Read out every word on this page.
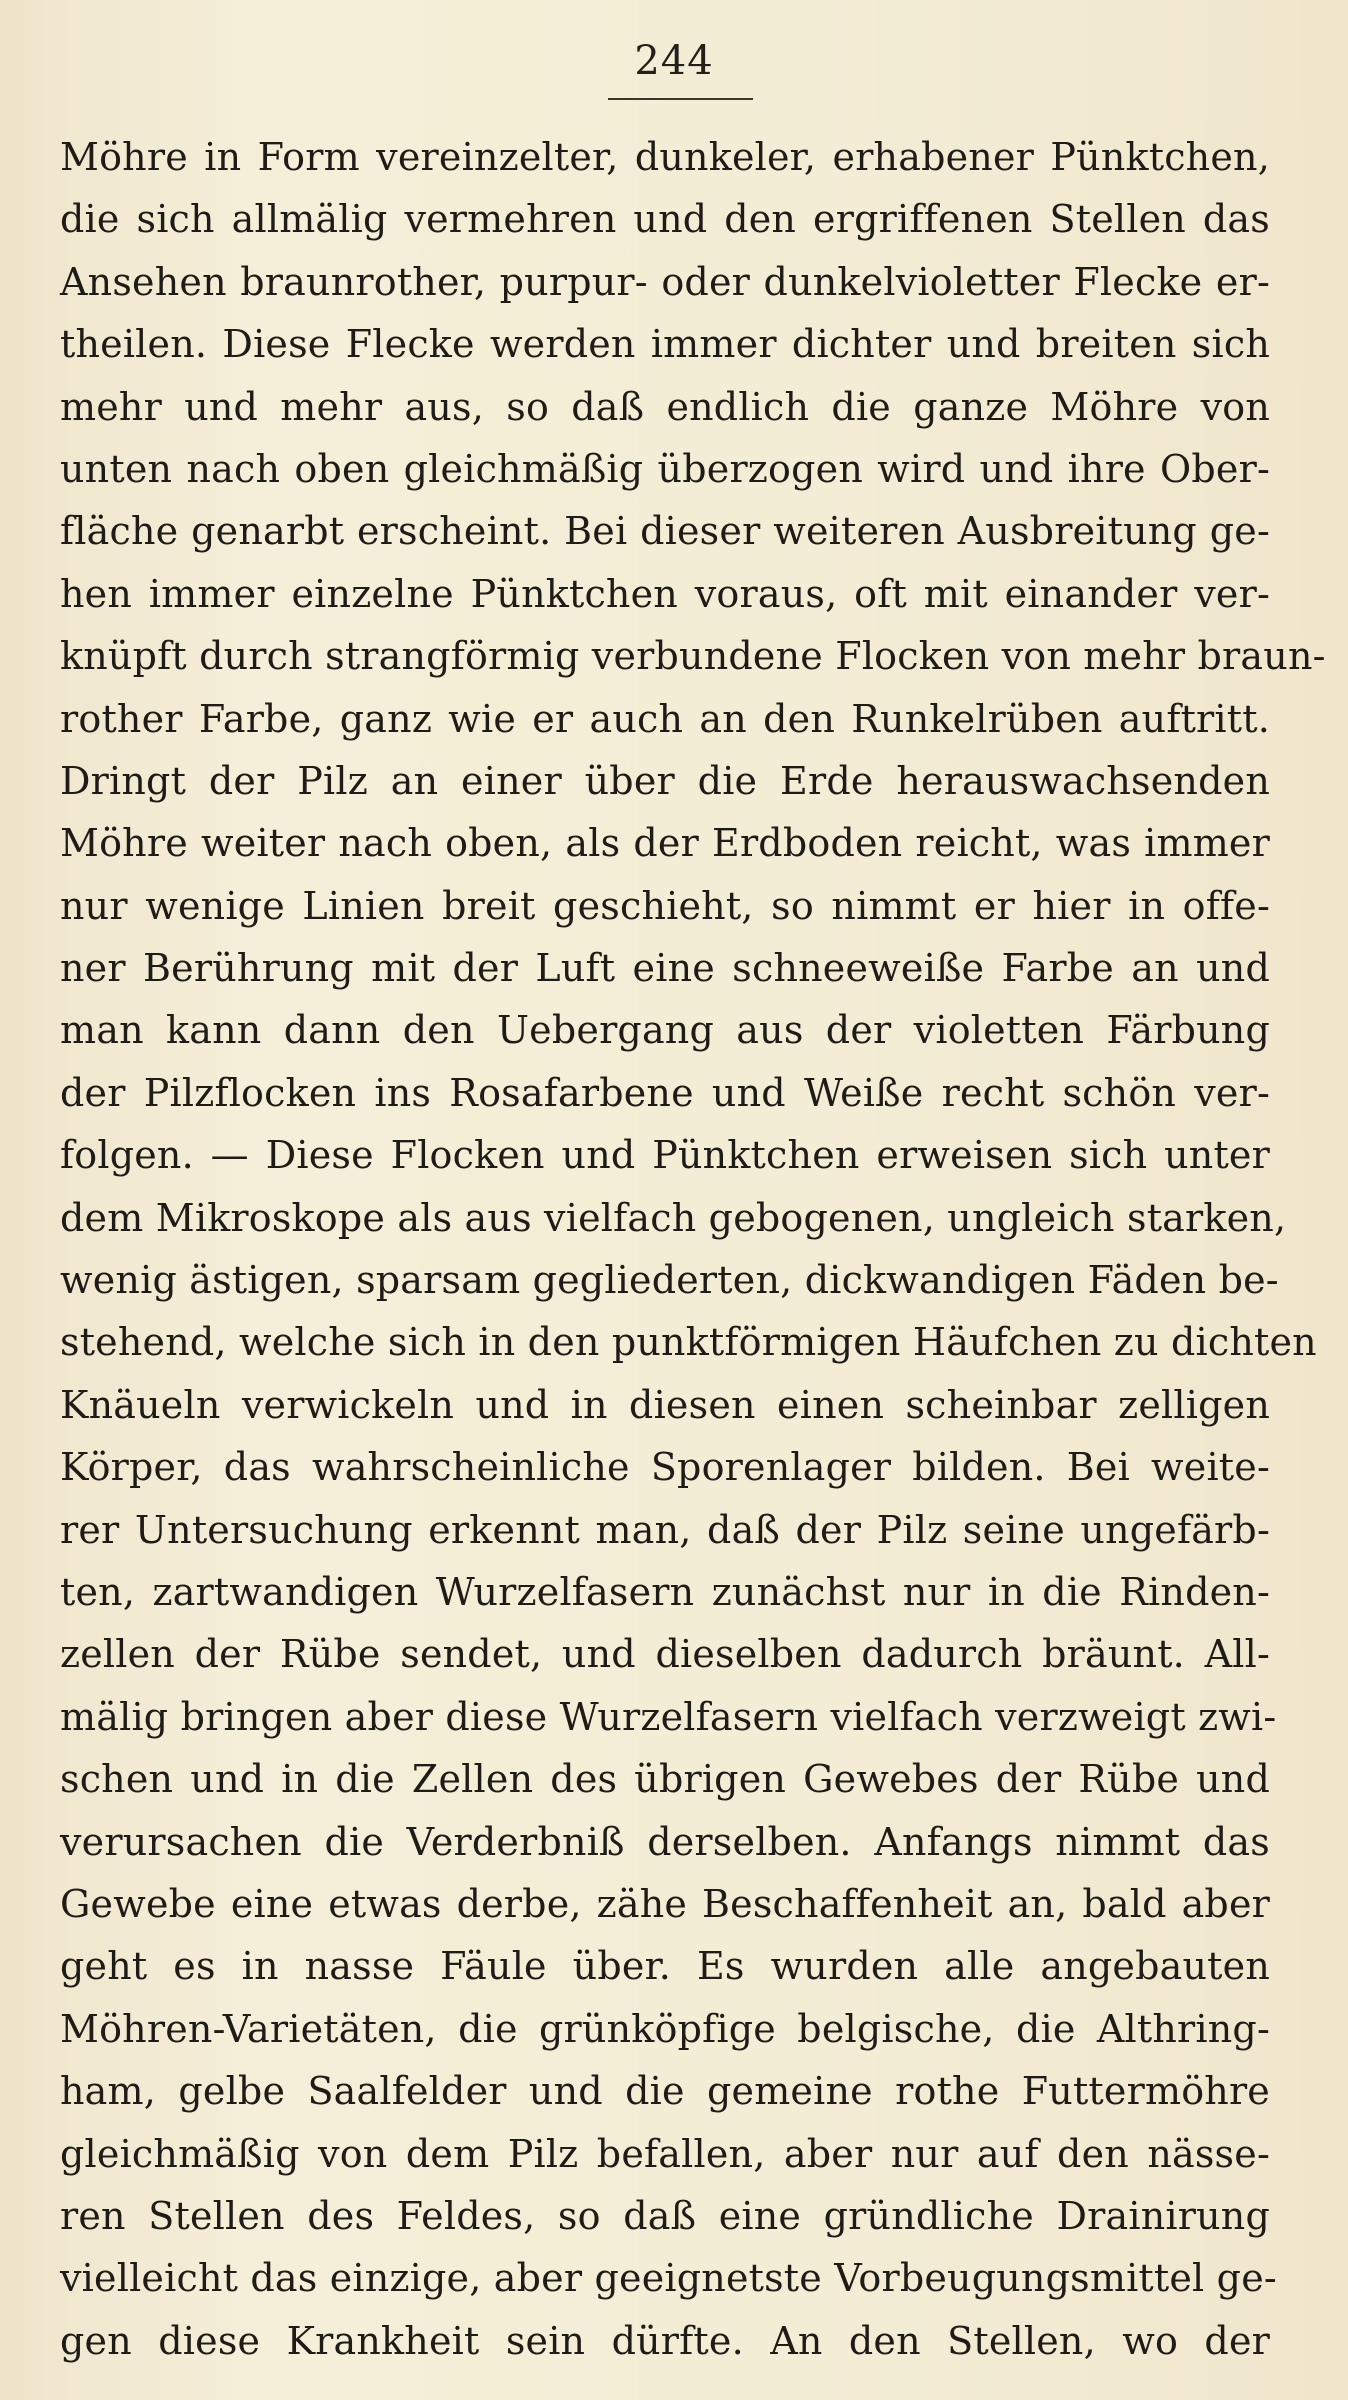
244
Möhre in Form vereinzelter, dunkeler, erhabener Pünktchen,
die sich allmälig vermehren und den ergriffenen Stellen das
Ansehen braunrother, purpur- oder dunkelvioletter Flecke er-
theilen. Diese Flecke werden immer dichter und breiten sich
mehr und mehr aus, so daß endlich die ganze Möhre von
unten nach oben gleichmäßig überzogen wird und ihre Ober-
fläche genarbt erscheint. Bei dieser weiteren Ausbreitung ge-
hen immer einzelne Pünktchen voraus, oft mit einander ver-
knüpft durch strangförmig verbundene Flocken von mehr braun-
rother Farbe, ganz wie er auch an den Runkelrüben auftritt.
Dringt der Pilz an einer über die Erde herauswachsenden
Möhre weiter nach oben, als der Erdboden reicht, was immer
nur wenige Linien breit geschieht, so nimmt er hier in offe-
ner Berührung mit der Luft eine schneeweiße Farbe an und
man kann dann den Uebergang aus der violetten Färbung
der Pilzflocken ins Rosafarbene und Weiße recht schön ver-
folgen. — Diese Flocken und Pünktchen erweisen sich unter
dem Mikroskope als aus vielfach gebogenen, ungleich starken,
wenig ästigen, sparsam gegliederten, dickwandigen Fäden be-
stehend, welche sich in den punktförmigen Häufchen zu dichten
Knäueln verwickeln und in diesen einen scheinbar zelligen
Körper, das wahrscheinliche Sporenlager bilden. Bei weite-
rer Untersuchung erkennt man, daß der Pilz seine ungefärb-
ten, zartwandigen Wurzelfasern zunächst nur in die Rinden-
zellen der Rübe sendet, und dieselben dadurch bräunt. All-
mälig bringen aber diese Wurzelfasern vielfach verzweigt zwi-
schen und in die Zellen des übrigen Gewebes der Rübe und
verursachen die Verderbniß derselben. Anfangs nimmt das
Gewebe eine etwas derbe, zähe Beschaffenheit an, bald aber
geht es in nasse Fäule über. Es wurden alle angebauten
Möhren-Varietäten, die grünköpfige belgische, die Althring-
ham, gelbe Saalfelder und die gemeine rothe Futtermöhre
gleichmäßig von dem Pilz befallen, aber nur auf den nässe-
ren Stellen des Feldes, so daß eine gründliche Drainirung
vielleicht das einzige, aber geeignetste Vorbeugungsmittel ge-
gen diese Krankheit sein dürfte. An den Stellen, wo der
